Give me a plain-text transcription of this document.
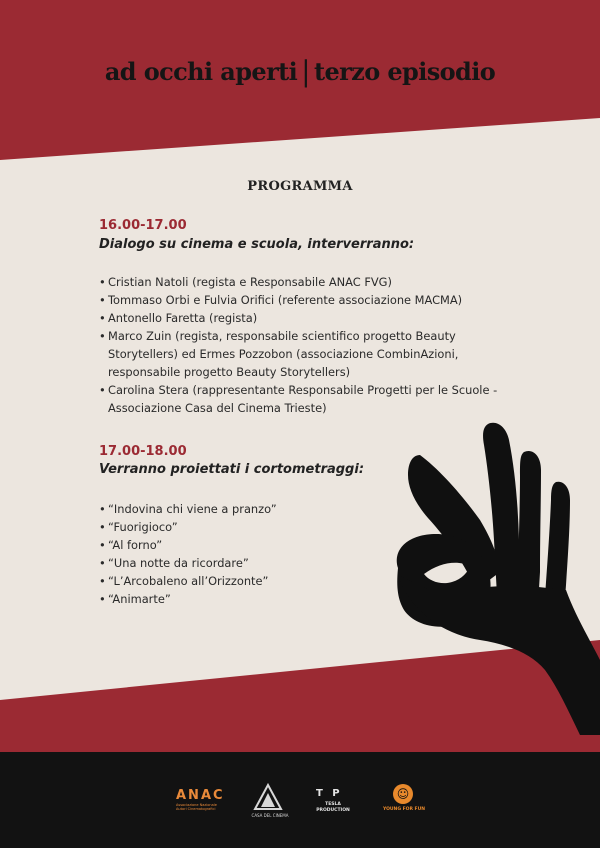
ad occhi aperti | terzo episodio
PROGRAMMA
16.00-17.00
Dialogo su cinema e scuola, interverranno:
• Cristian Natoli (regista e Responsabile ANAC FVG)
• Tommaso Orbi e Fulvia Orifici (referente associazione MACMA)
• Antonello Faretta (regista)
• Marco Zuin (regista, responsabile scientifico progetto Beauty Storytellers) ed Ermes Pozzobon (associazione CombinAzioni, responsabile progetto Beauty Storytellers)
• Carolina Stera (rappresentante Responsabile Progetti per le Scuole - Associazione Casa del Cinema Trieste)
17.00-18.00
Verranno proiettati i cortometraggi:
• “Indovina chi viene a pranzo”
• “Fuorigioco”
• “Al forno”
• “Una notte da ricordare”
• “L’Arcobaleno all’Orizzonte”
• “Animarte”
ANAC
Associazione Nazionale Autori Cinematografici
CASA DEL CINEMA
T P
TESLA PRODUCTION
☺
YOUNG FOR FUN
